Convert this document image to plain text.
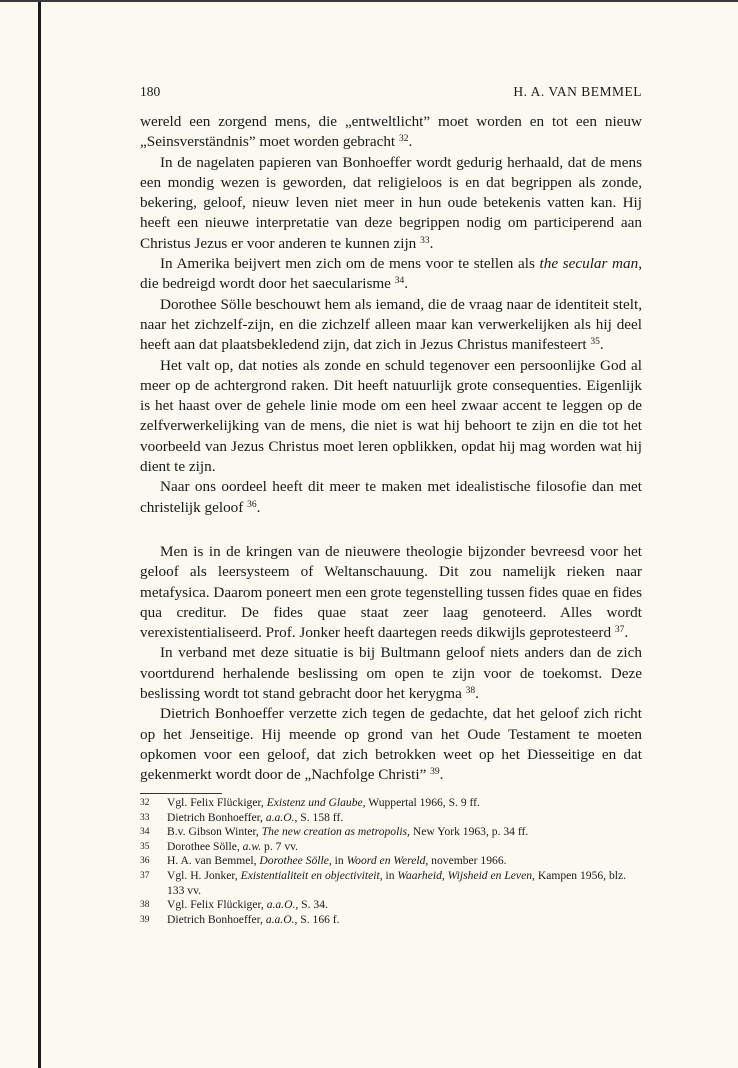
180	H. A. VAN BEMMEL

wereld een zorgend mens, die „entweltlicht” moet worden en tot een nieuw „Seinsverständnis” moet worden gebracht $^{32}$.

In de nagelaten papieren van Bonhoeffer wordt gedurig herhaald, dat de mens een mondig wezen is geworden, dat religieloos is en dat begrippen als zonde, bekering, geloof, nieuw leven niet meer in hun oude betekenis vatten kan. Hij heeft een nieuwe interpretatie van deze begrippen nodig om participerend aan Christus Jezus er voor anderen te kunnen zijn $^{33}$.

In Amerika beijvert men zich om de mens voor te stellen als the secular man, die bedreigd wordt door het saecularisme $^{34}$.

Dorothee Sölle beschouwt hem als iemand, die de vraag naar de identiteit stelt, naar het zichzelf-zijn, en die zichzelf alleen maar kan verwerkelijken als hij deel heeft aan dat plaatsbekledend zijn, dat zich in Jezus Christus manifesteert $^{35}$.

Het valt op, dat noties als zonde en schuld tegenover een persoonlijke God al meer op de achtergrond raken. Dit heeft natuurlijk grote consequenties. Eigenlijk is het haast over de gehele linie mode om een heel zwaar accent te leggen op de zelfverwerkelijking van de mens, die niet is wat hij behoort te zijn en die tot het voorbeeld van Jezus Christus moet leren opblikken, opdat hij mag worden wat hij dient te zijn.

Naar ons oordeel heeft dit meer te maken met idealistische filosofie dan met christelijk geloof $^{36}$.

Men is in de kringen van de nieuwere theologie bijzonder bevreesd voor het geloof als leersysteem of Weltanschauung. Dit zou namelijk rieken naar metafysica. Daarom poneert men een grote tegenstelling tussen fides quae en fides qua creditur. De fides quae staat zeer laag genoteerd. Alles wordt verexistentialiseerd. Prof. Jonker heeft daartegen reeds dikwijls geprotesteerd $^{37}$.

In verband met deze situatie is bij Bultmann geloof niets anders dan de zich voortdurend herhalende beslissing om open te zijn voor de toekomst. Deze beslissing wordt tot stand gebracht door het kerygma $^{38}$.

Dietrich Bonhoeffer verzette zich tegen de gedachte, dat het geloof zich richt op het Jenseitige. Hij meende op grond van het Oude Testament te moeten opkomen voor een geloof, dat zich betrokken weet op het Diesseitige en dat gekenmerkt wordt door de „Nachfolge Christi” $^{39}$.

32	Vgl. Felix Flückiger, Existenz und Glaube, Wuppertal 1966, S. 9 ff.
33	Dietrich Bonhoeffer, a.a.O., S. 158 ff.
34	B.v. Gibson Winter, The new creation as metropolis, New York 1963, p. 34 ff.
35	Dorothee Sölle, a.w. p. 7 vv.
36	H. A. van Bemmel, Dorothee Sölle, in Woord en Wereld, november 1966.
37	Vgl. H. Jonker, Existentialiteit en objectiviteit, in Waarheid, Wijsheid en Leven, Kampen 1956, blz. 133 vv.
38	Vgl. Felix Flückiger, a.a.O., S. 34.
39	Dietrich Bonhoeffer, a.a.O., S. 166 f.
